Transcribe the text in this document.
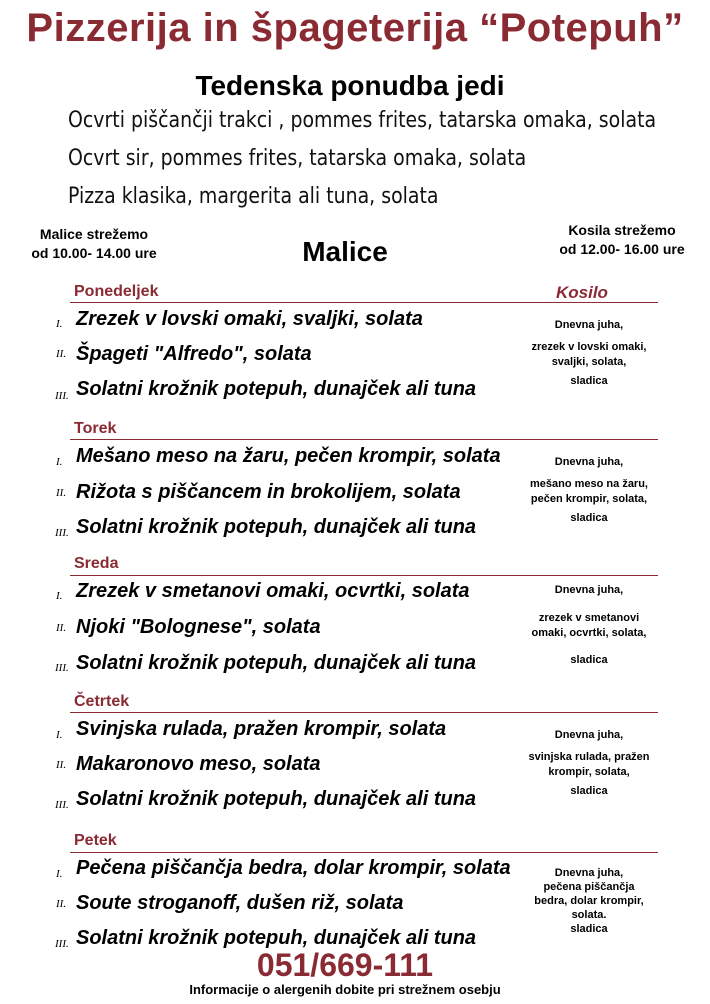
Pizzerija in špageterija “Potepuh”
Tedenska ponudba jedi
Ocvrti piščančji trakci , pommes frites, tatarska omaka, solata
Ocvrt sir, pommes frites, tatarska omaka, solata
Pizza klasika, margerita ali tuna, solata
Malice strežemo
od 10.00- 14.00 ure
Kosila strežemo
od 12.00- 16.00 ure
Malice
Kosilo
Ponedeljek
I. Zrezek v lovski omaki, svaljki, solata
II. Špageti "Alfredo", solata
III. Solatni krožnik potepuh, dunajček ali tuna
Dnevna juha,
zrezek v lovski omaki,
svaljki, solata,
sladica
Torek
I. Mešano meso na žaru, pečen krompir, solata
II. Rižota s piščancem in brokolijem, solata
III. Solatni krožnik potepuh, dunajček ali tuna
Dnevna juha,
mešano meso na žaru,
pečen krompir, solata,
sladica
Sreda
I. Zrezek v smetanovi omaki, ocvrtki, solata
II. Njoki "Bolognese", solata
III. Solatni krožnik potepuh, dunajček ali tuna
Dnevna juha,
zrezek v smetanovi
omaki, ocvrtki, solata,
sladica
Četrtek
I. Svinjska rulada, pražen krompir, solata
II. Makaronovo meso, solata
III. Solatni krožnik potepuh, dunajček ali tuna
Dnevna juha,
svinjska rulada, pražen
krompir, solata,
sladica
Petek
I. Pečena piščančja bedra, dolar krompir, solata
II. Soute stroganoff, dušen riž, solata
III. Solatni krožnik potepuh, dunajček ali tuna
Dnevna juha,
pečena piščančja
bedra, dolar krompir,
solata.
sladica
051/669-111
Informacije o alergenih dobite pri strežnem osebju
